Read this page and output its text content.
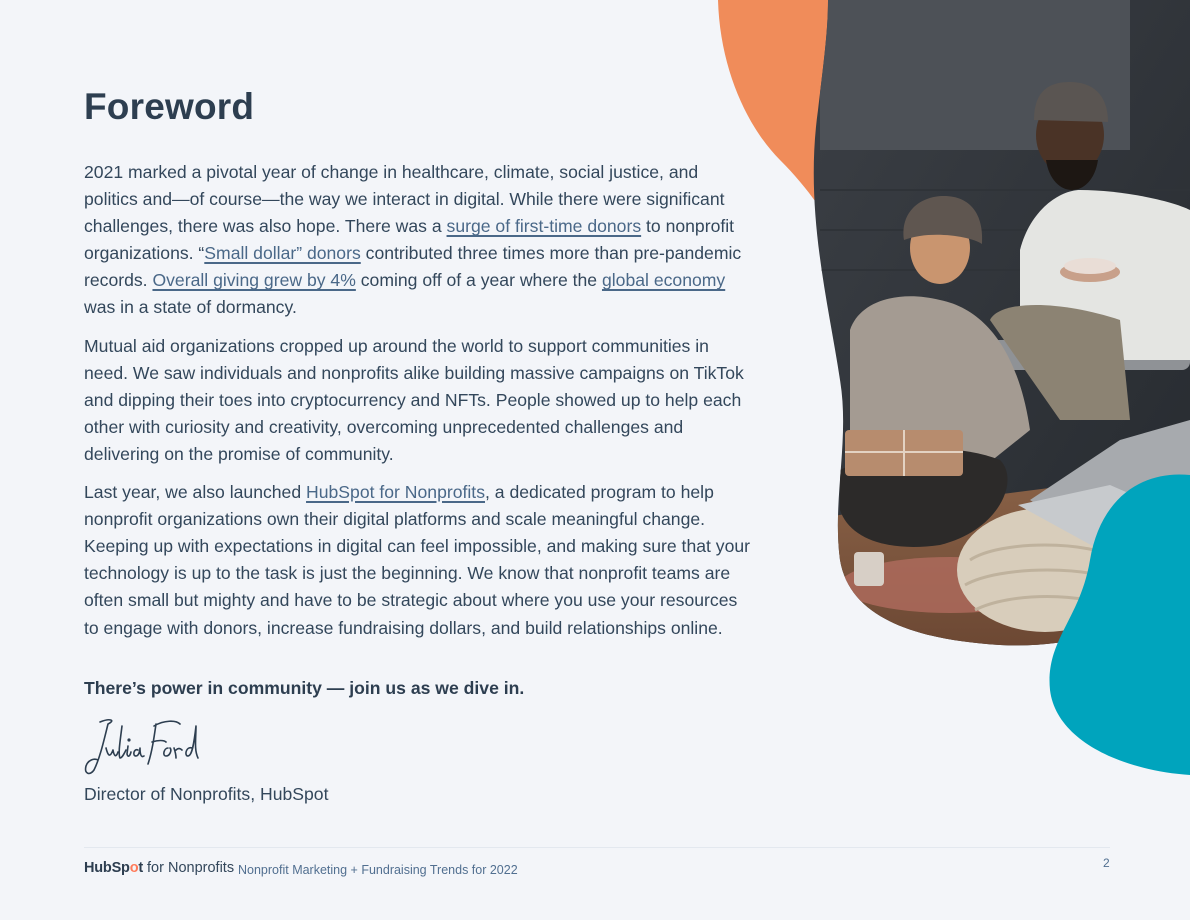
Foreword

2021 marked a pivotal year of change in healthcare, climate, social justice, and politics and—of course—the way we interact in digital. While there were significant challenges, there was also hope. There was a surge of first-time donors to nonprofit organizations. “Small dollar” donors contributed three times more than pre-pandemic records. Overall giving grew by 4% coming off of a year where the global economy was in a state of dormancy.

Mutual aid organizations cropped up around the world to support communities in need. We saw individuals and nonprofits alike building massive campaigns on TikTok and dipping their toes into cryptocurrency and NFTs. People showed up to help each other with curiosity and creativity, overcoming unprecedented challenges and delivering on the promise of community.

Last year, we also launched HubSpot for Nonprofits, a dedicated program to help nonprofit organizations own their digital platforms and scale meaningful change. Keeping up with expectations in digital can feel impossible, and making sure that your technology is up to the task is just the beginning. We know that nonprofit teams are often small but mighty and have to be strategic about where you use your resources to engage with donors, increase fundraising dollars, and build relationships online.

There’s power in community — join us as we dive in.

Director of Nonprofits, HubSpot

HubSpot for Nonprofits Nonprofit Marketing + Fundraising Trends for 2022	2
